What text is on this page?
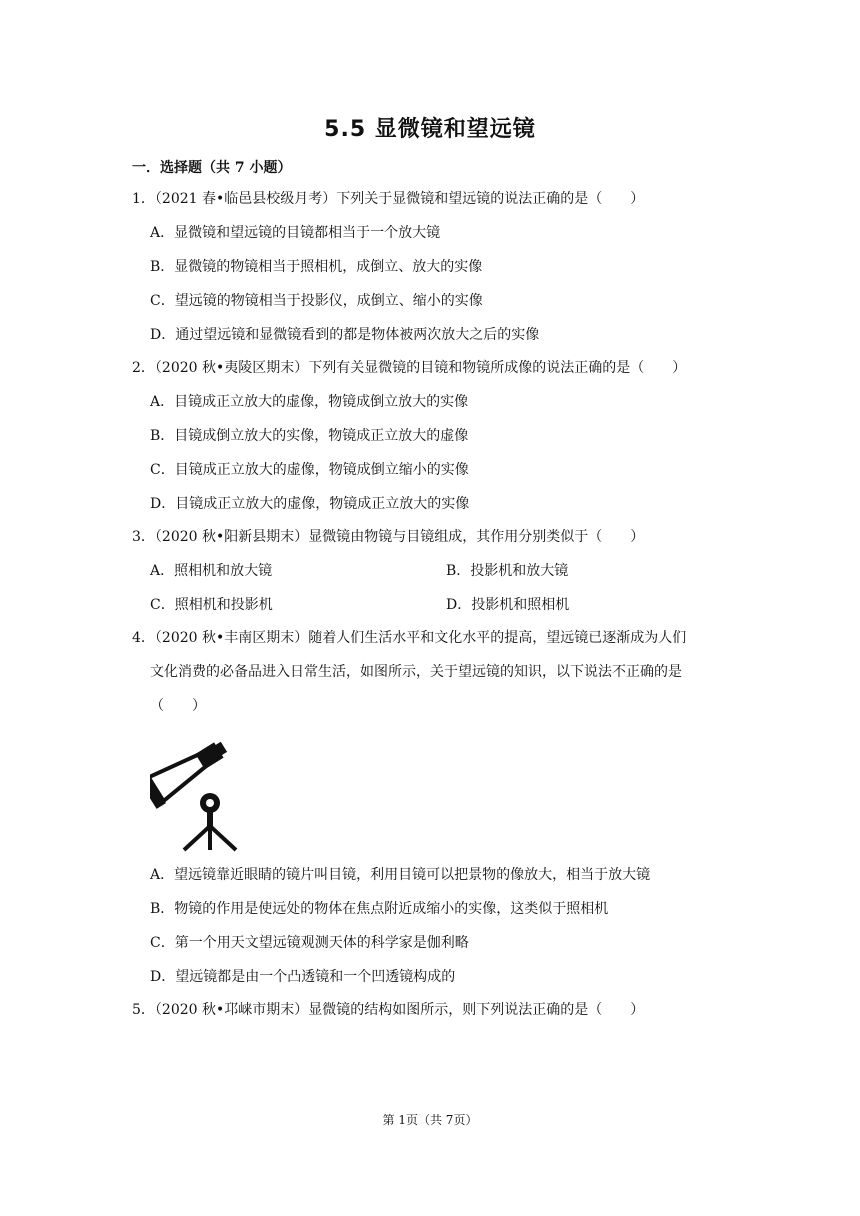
5.5 显微镜和望远镜
一．选择题（共 7 小题）
1．（2021 春•临邑县校级月考）下列关于显微镜和望远镜的说法正确的是（　　）
A．显微镜和望远镜的目镜都相当于一个放大镜
B．显微镜的物镜相当于照相机，成倒立、放大的实像
C．望远镜的物镜相当于投影仪，成倒立、缩小的实像
D．通过望远镜和显微镜看到的都是物体被两次放大之后的实像
2．（2020 秋•夷陵区期末）下列有关显微镜的目镜和物镜所成像的说法正确的是（　　）
A．目镜成正立放大的虚像，物镜成倒立放大的实像
B．目镜成倒立放大的实像，物镜成正立放大的虚像
C．目镜成正立放大的虚像，物镜成倒立缩小的实像
D．目镜成正立放大的虚像，物镜成正立放大的实像
3．（2020 秋•阳新县期末）显微镜由物镜与目镜组成，其作用分别类似于（　　）
A．照相机和放大镜	B．投影机和放大镜
C．照相机和投影机	D．投影机和照相机
4．（2020 秋•丰南区期末）随着人们生活水平和文化水平的提高，望远镜已逐渐成为人们
文化消费的必备品进入日常生活，如图所示，关于望远镜的知识，以下说法不正确的是
（　　）
A．望远镜靠近眼睛的镜片叫目镜，利用目镜可以把景物的像放大，相当于放大镜
B．物镜的作用是使远处的物体在焦点附近成缩小的实像，这类似于照相机
C．第一个用天文望远镜观测天体的科学家是伽利略
D．望远镜都是由一个凸透镜和一个凹透镜构成的
5．（2020 秋•邛崃市期末）显微镜的结构如图所示，则下列说法正确的是（　　）
第 1页（共 7页）
